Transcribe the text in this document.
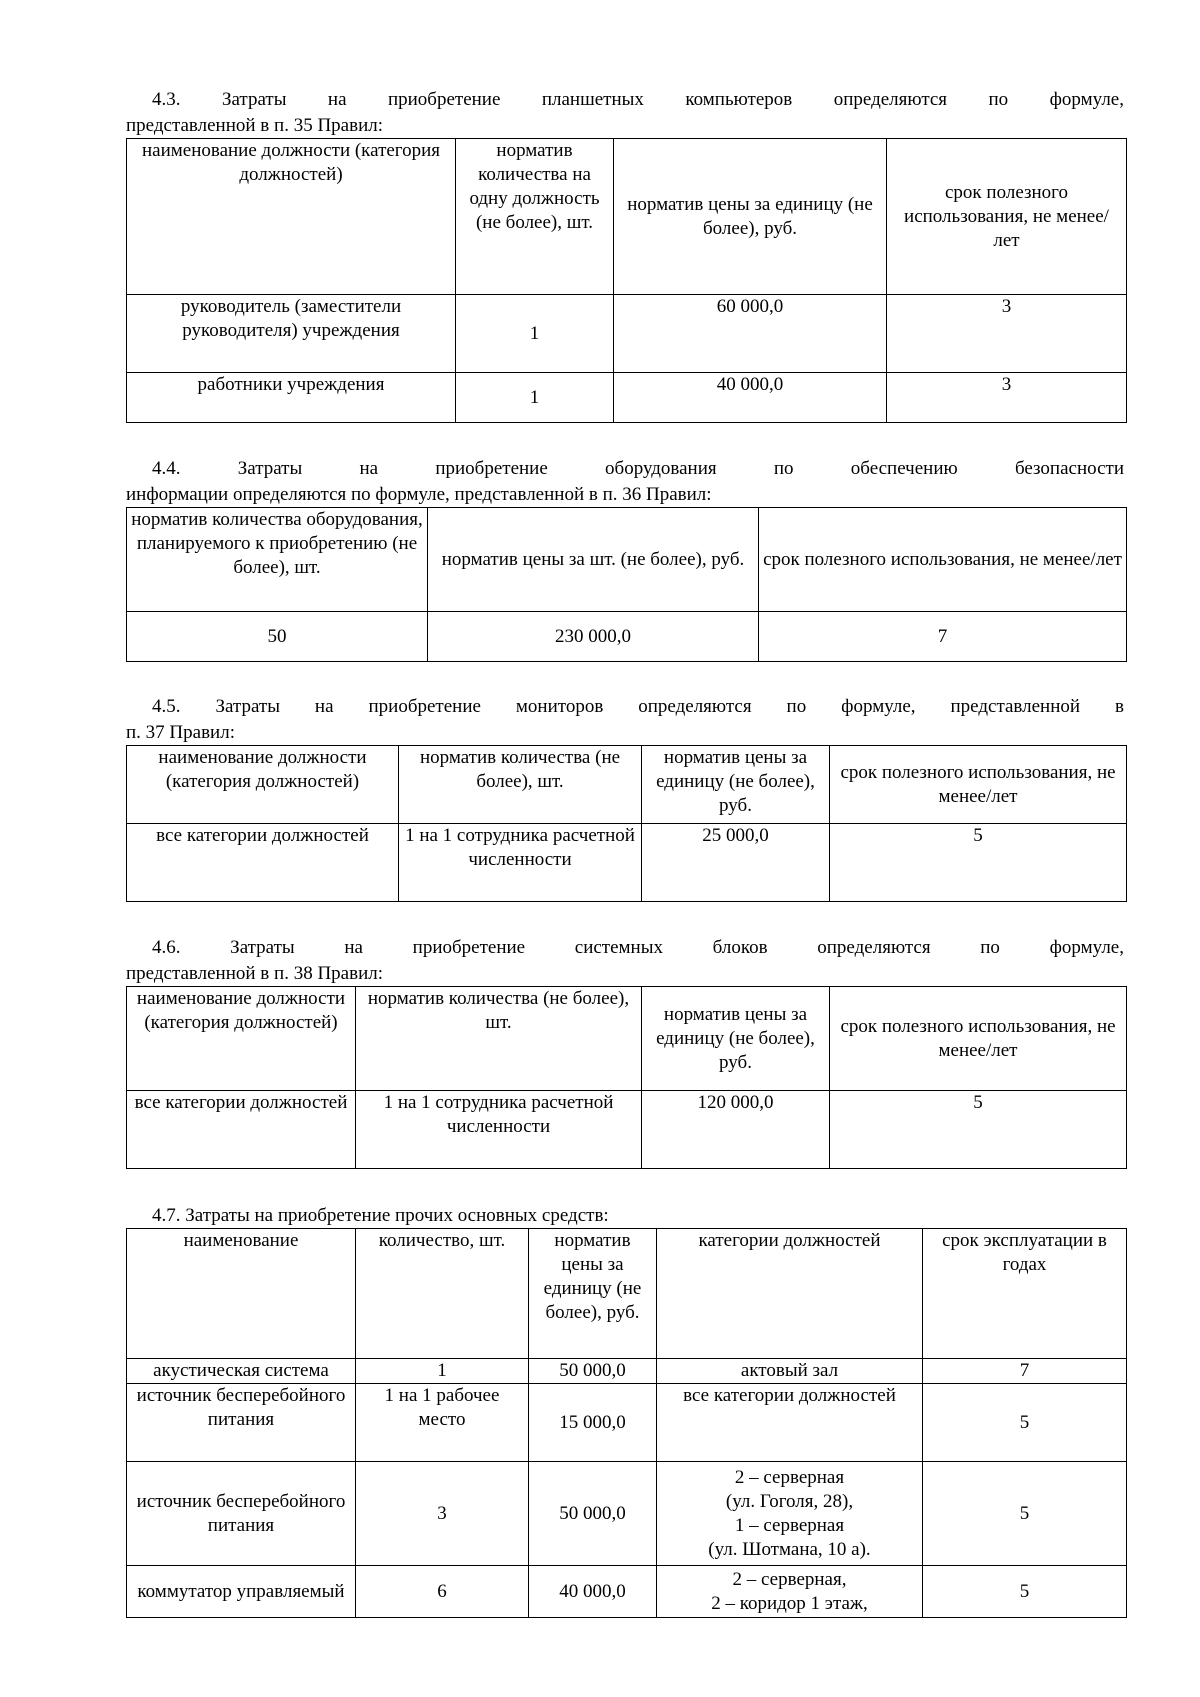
4.3. Затраты на приобретение планшетных компьютеров определяются по формуле,
представленной в п. 35 Правил:
наименование должности (категория должностей)	норматив количества на одну должность (не более), шт.	норматив цены за единицу (не более), руб.	срок полезного использования, не менее/лет
руководитель (заместители руководителя) учреждения	1	60 000,0	3
работники учреждения	1	40 000,0	3
4.4. Затраты на приобретение оборудования по обеспечению безопасности
информации определяются по формуле, представленной в п. 36 Правил:
норматив количества оборудования, планируемого к приобретению (не более), шт.	норматив цены за шт. (не более), руб.	срок полезного использования, не менее/лет
50	230 000,0	7
4.5. Затраты на приобретение мониторов определяются по формуле, представленной в
п. 37 Правил:
наименование должности (категория должностей)	норматив количества (не более), шт.	норматив цены за единицу (не более), руб.	срок полезного использования, не менее/лет
все категории должностей	1 на 1 сотрудника расчетной численности	25 000,0	5
4.6. Затраты на приобретение системных блоков определяются по формуле,
представленной в п. 38 Правил:
наименование должности (категория должностей)	норматив количества (не более), шт.	норматив цены за единицу (не более), руб.	срок полезного использования, не менее/лет
все категории должностей	1 на 1 сотрудника расчетной численности	120 000,0	5
4.7. Затраты на приобретение прочих основных средств:
наименование	количество, шт.	норматив цены за единицу (не более), руб.	категории должностей	срок эксплуатации в годах
акустическая система	1	50 000,0	актовый зал	7
источник бесперебойного питания	1 на 1 рабочее место	15 000,0	все категории должностей	5
источник бесперебойного питания	3	50 000,0	2 – серверная
(ул. Гоголя, 28),
1 – серверная
(ул. Шотмана, 10 а).	5
коммутатор управляемый	6	40 000,0	2 – серверная,
2 – коридор 1 этаж,	5
